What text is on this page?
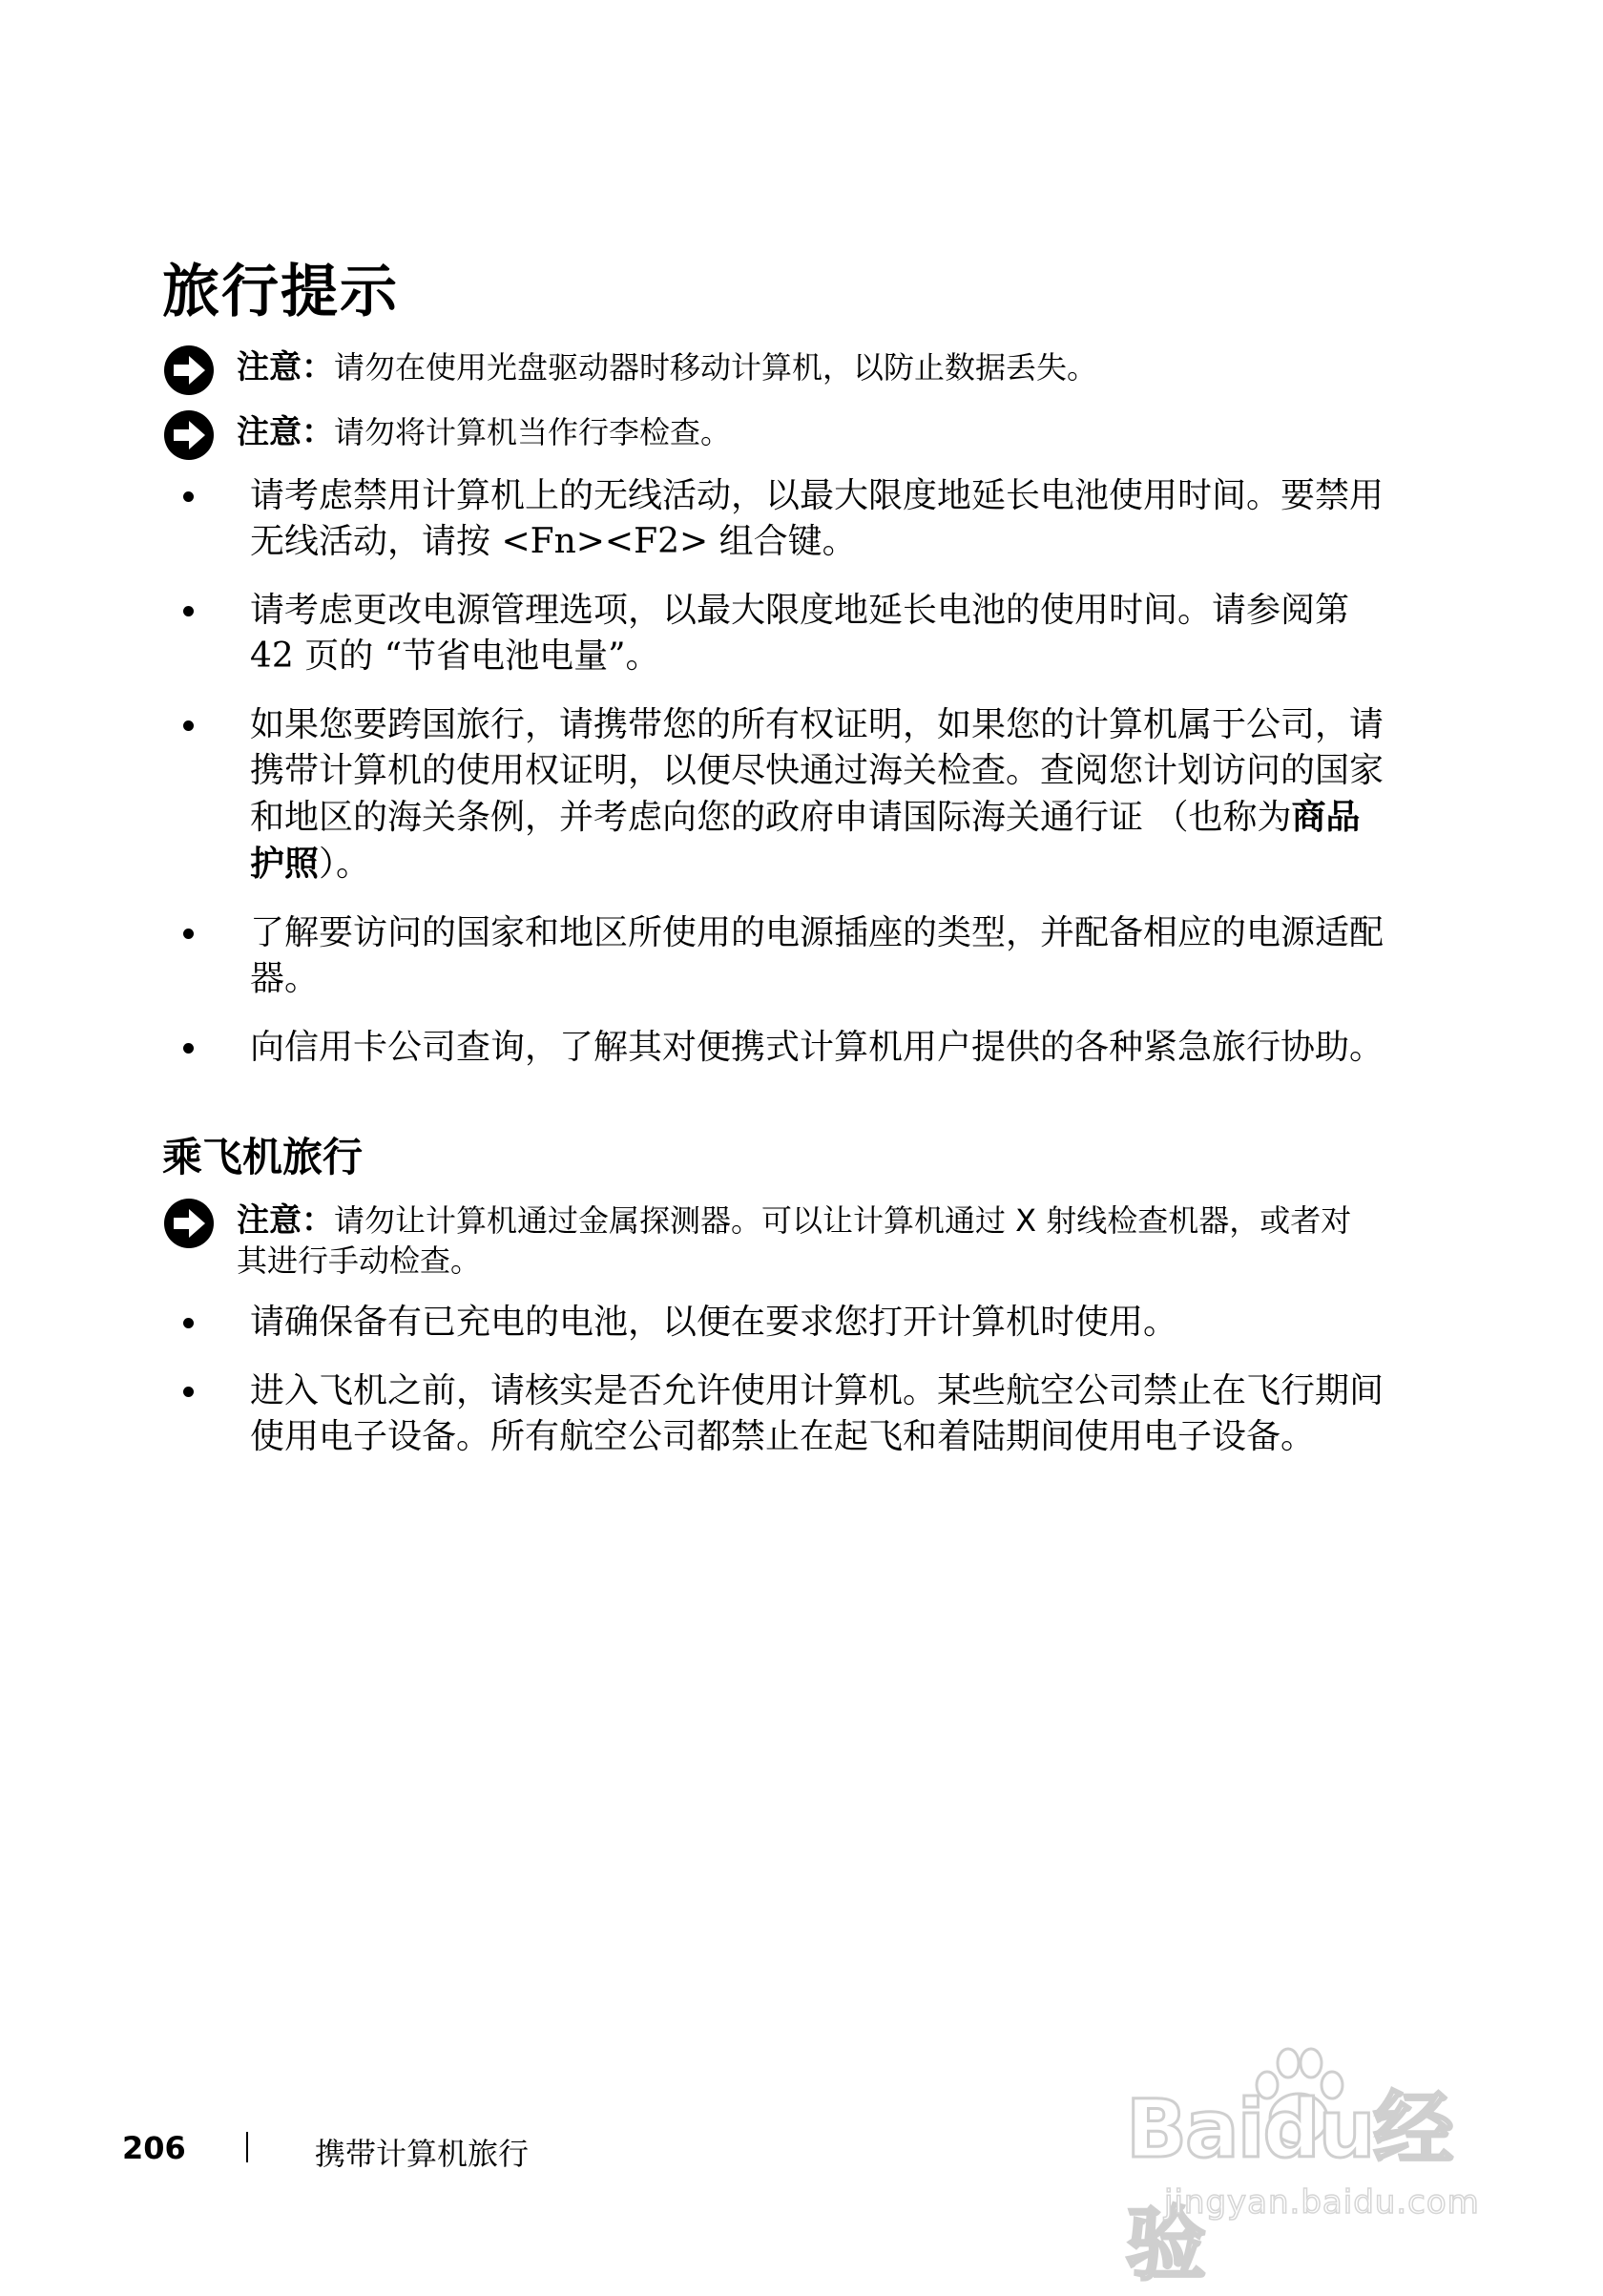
旅行提示
注意：请勿在使用光盘驱动器时移动计算机，以防止数据丢失。
注意：请勿将计算机当作行李检查。
请考虑禁用计算机上的无线活动，以最大限度地延长电池使用时间。要禁用无线活动，请按 <Fn><F2> 组合键。
请考虑更改电源管理选项，以最大限度地延长电池的使用时间。请参阅第 42 页的 “节省电池电量”。
如果您要跨国旅行，请携带您的所有权证明，如果您的计算机属于公司，请携带计算机的使用权证明，以便尽快通过海关检查。查阅您计划访问的国家和地区的海关条例，并考虑向您的政府申请国际海关通行证 （也称为商品护照）。
了解要访问的国家和地区所使用的电源插座的类型，并配备相应的电源适配器。
向信用卡公司查询，了解其对便携式计算机用户提供的各种紧急旅行协助。
乘飞机旅行
注意：请勿让计算机通过金属探测器。可以让计算机通过 X 射线检查机器，或者对其进行手动检查。
请确保备有已充电的电池，以便在要求您打开计算机时使用。
进入飞机之前，请核实是否允许使用计算机。某些航空公司禁止在飞行期间使用电子设备。所有航空公司都禁止在起飞和着陆期间使用电子设备。
206	携带计算机旅行	Baidu经验
jingyan.baidu.com
